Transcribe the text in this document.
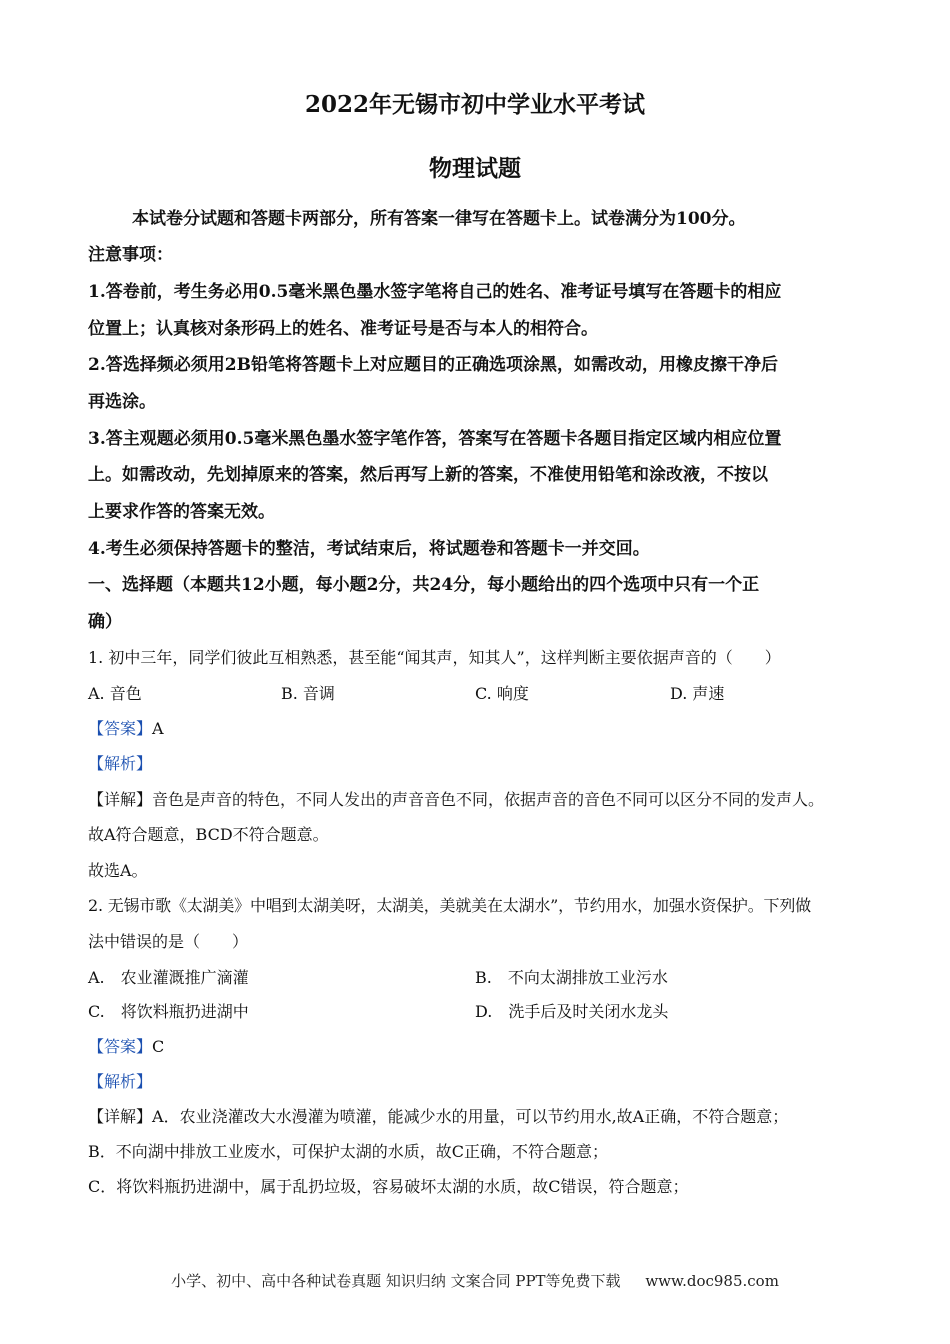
2022年无锡市初中学业水平考试
物理试题
本试卷分试题和答题卡两部分，所有答案一律写在答题卡上。试卷满分为100分。
注意事项：
1.答卷前，考生务必用0.5毫米黑色墨水签字笔将自己的姓名、准考证号填写在答题卡的相应
位置上；认真核对条形码上的姓名、准考证号是否与本人的相符合。
2.答选择频必须用2B铅笔将答题卡上对应题目的正确选项涂黑，如需改动，用橡皮擦干净后
再选涂。
3.答主观题必须用0.5毫米黑色墨水签字笔作答，答案写在答题卡各题目指定区域内相应位置
上。如需改动，先划掉原来的答案，然后再写上新的答案，不准使用铅笔和涂改液，不按以
上要求作答的答案无效。
4.考生必须保持答题卡的整洁，考试结束后，将试题卷和答题卡一并交回。
一、选择题（本题共12小题，每小题2分，共24分，每小题给出的四个选项中只有一个正
确）
1. 初中三年，同学们彼此互相熟悉，甚至能“闻其声，知其人”，这样判断主要依据声音的（　　）
A. 音色	B. 音调	C. 响度	D. 声速
【答案】A
【解析】
【详解】音色是声音的特色，不同人发出的声音音色不同，依据声音的音色不同可以区分不同的发声人。
故A符合题意，BCD不符合题意。
故选A。
2. 无锡市歌《太湖美》中唱到太湖美呀，太湖美，美就美在太湖水”，节约用水，加强水资保护。下列做
法中错误的是（　　）
A.　农业灌溉推广滴灌	B.　不向太湖排放工业污水
C.　将饮料瓶扔进湖中	D.　洗手后及时关闭水龙头
【答案】C
【解析】
【详解】A．农业浇灌改大水漫灌为喷灌，能减少水的用量，可以节约用水,故A正确，不符合题意；
B．不向湖中排放工业废水，可保护太湖的水质，故C正确，不符合题意；
C．将饮料瓶扔进湖中，属于乱扔垃圾，容易破坏太湖的水质，故C错误，符合题意；
小学、初中、高中各种试卷真题 知识归纳 文案合同 PPT等免费下载 www.doc985.com
